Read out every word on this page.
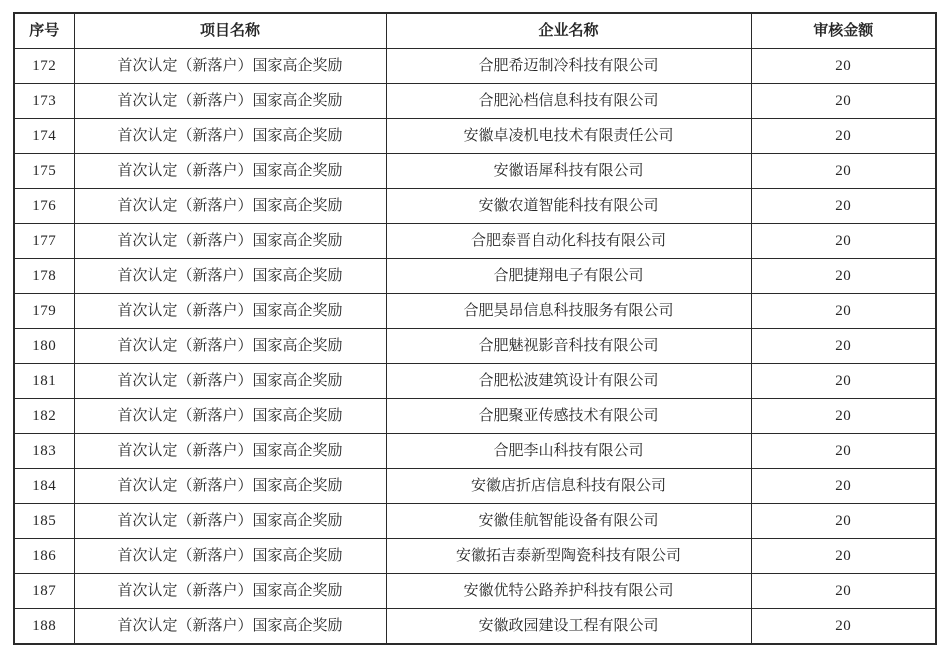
序号	项目名称	企业名称	审核金额
172	首次认定（新落户）国家高企奖励	合肥希迈制冷科技有限公司	20
173	首次认定（新落户）国家高企奖励	合肥沁档信息科技有限公司	20
174	首次认定（新落户）国家高企奖励	安徽卓凌机电技术有限责任公司	20
175	首次认定（新落户）国家高企奖励	安徽语犀科技有限公司	20
176	首次认定（新落户）国家高企奖励	安徽农道智能科技有限公司	20
177	首次认定（新落户）国家高企奖励	合肥泰晋自动化科技有限公司	20
178	首次认定（新落户）国家高企奖励	合肥捷翔电子有限公司	20
179	首次认定（新落户）国家高企奖励	合肥昊昂信息科技服务有限公司	20
180	首次认定（新落户）国家高企奖励	合肥魅视影音科技有限公司	20
181	首次认定（新落户）国家高企奖励	合肥松波建筑设计有限公司	20
182	首次认定（新落户）国家高企奖励	合肥聚亚传感技术有限公司	20
183	首次认定（新落户）国家高企奖励	合肥李山科技有限公司	20
184	首次认定（新落户）国家高企奖励	安徽店折店信息科技有限公司	20
185	首次认定（新落户）国家高企奖励	安徽佳航智能设备有限公司	20
186	首次认定（新落户）国家高企奖励	安徽拓吉泰新型陶瓷科技有限公司	20
187	首次认定（新落户）国家高企奖励	安徽优特公路养护科技有限公司	20
188	首次认定（新落户）国家高企奖励	安徽政园建设工程有限公司	20
